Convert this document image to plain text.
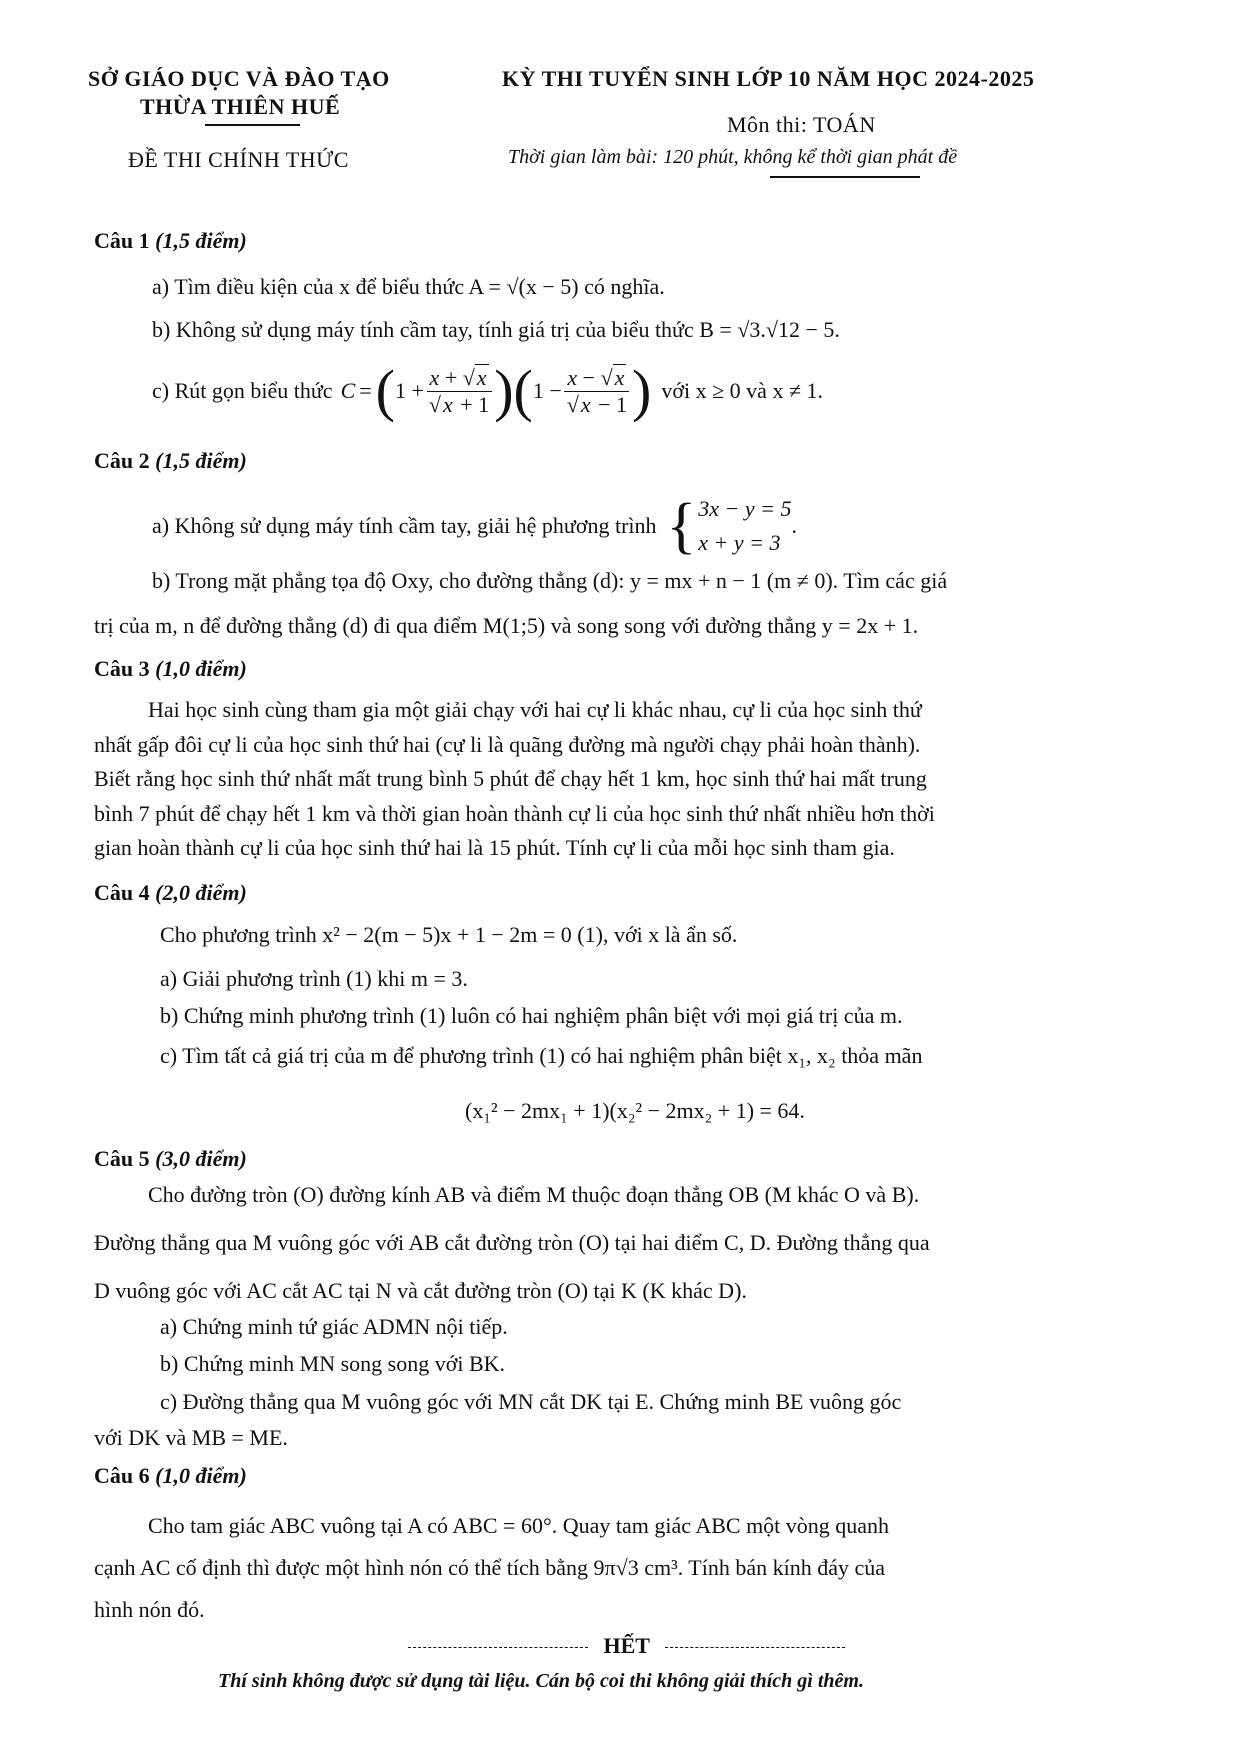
SỞ GIÁO DỤC VÀ ĐÀO TẠO
THỪA THIÊN HUẾ
ĐỀ THI CHÍNH THỨC
KỲ THI TUYỂN SINH LỚP 10 NĂM HỌC 2024-2025
Môn thi: TOÁN
Thời gian làm bài: 120 phút, không kể thời gian phát đề
Câu 1 (1,5 điểm)
a) Tìm điều kiện của x để biểu thức A = √(x − 5) có nghĩa.
b) Không sử dụng máy tính cầm tay, tính giá trị của biểu thức B = √3.√12 − 5.
c) Rút gọn biểu thức C = ( $1 + \frac{x + √x}{√x + 1}$ ) ( $1 - \frac{x - √x}{√x - 1}$ ) với x ≥ 0 và x ≠ 1.
Câu 2 (1,5 điểm)
a) Không sử dụng máy tính cầm tay, giải hệ phương trình { 3x − y = 5
x + y = 3
.
b) Trong mặt phẳng tọa độ Oxy, cho đường thẳng (d): y = mx + n − 1 (m ≠ 0). Tìm các giá
trị của m, n để đường thẳng (d) đi qua điểm M(1;5) và song song với đường thẳng y = 2x + 1.
Câu 3 (1,0 điểm)
Hai học sinh cùng tham gia một giải chạy với hai cự li khác nhau, cự li của học sinh thứ
nhất gấp đôi cự li của học sinh thứ hai (cự li là quãng đường mà người chạy phải hoàn thành).
Biết rằng học sinh thứ nhất mất trung bình 5 phút để chạy hết 1 km, học sinh thứ hai mất trung
bình 7 phút để chạy hết 1 km và thời gian hoàn thành cự li của học sinh thứ nhất nhiều hơn thời
gian hoàn thành cự li của học sinh thứ hai là 15 phút. Tính cự li của mỗi học sinh tham gia.
Câu 4 (2,0 điểm)
Cho phương trình x² − 2(m − 5)x + 1 − 2m = 0 (1), với x là ẩn số.
a) Giải phương trình (1) khi m = 3.
b) Chứng minh phương trình (1) luôn có hai nghiệm phân biệt với mọi giá trị của m.
c) Tìm tất cả giá trị của m để phương trình (1) có hai nghiệm phân biệt x₁, x₂ thỏa mãn
(x₁² − 2mx₁ + 1)(x₂² − 2mx₂ + 1) = 64.
Câu 5 (3,0 điểm)
Cho đường tròn (O) đường kính AB và điểm M thuộc đoạn thẳng OB (M khác O và B).
Đường thẳng qua M vuông góc với AB cắt đường tròn (O) tại hai điểm C, D. Đường thẳng qua
D vuông góc với AC cắt AC tại N và cắt đường tròn (O) tại K (K khác D).
a) Chứng minh tứ giác ADMN nội tiếp.
b) Chứng minh MN song song với BK.
c) Đường thẳng qua M vuông góc với MN cắt DK tại E. Chứng minh BE vuông góc
với DK và MB = ME.
Câu 6 (1,0 điểm)
Cho tam giác ABC vuông tại A có ABC = 60°. Quay tam giác ABC một vòng quanh
cạnh AC cố định thì được một hình nón có thể tích bằng 9π√3 cm³. Tính bán kính đáy của
hình nón đó.
HẾT
Thí sinh không được sử dụng tài liệu. Cán bộ coi thi không giải thích gì thêm.
